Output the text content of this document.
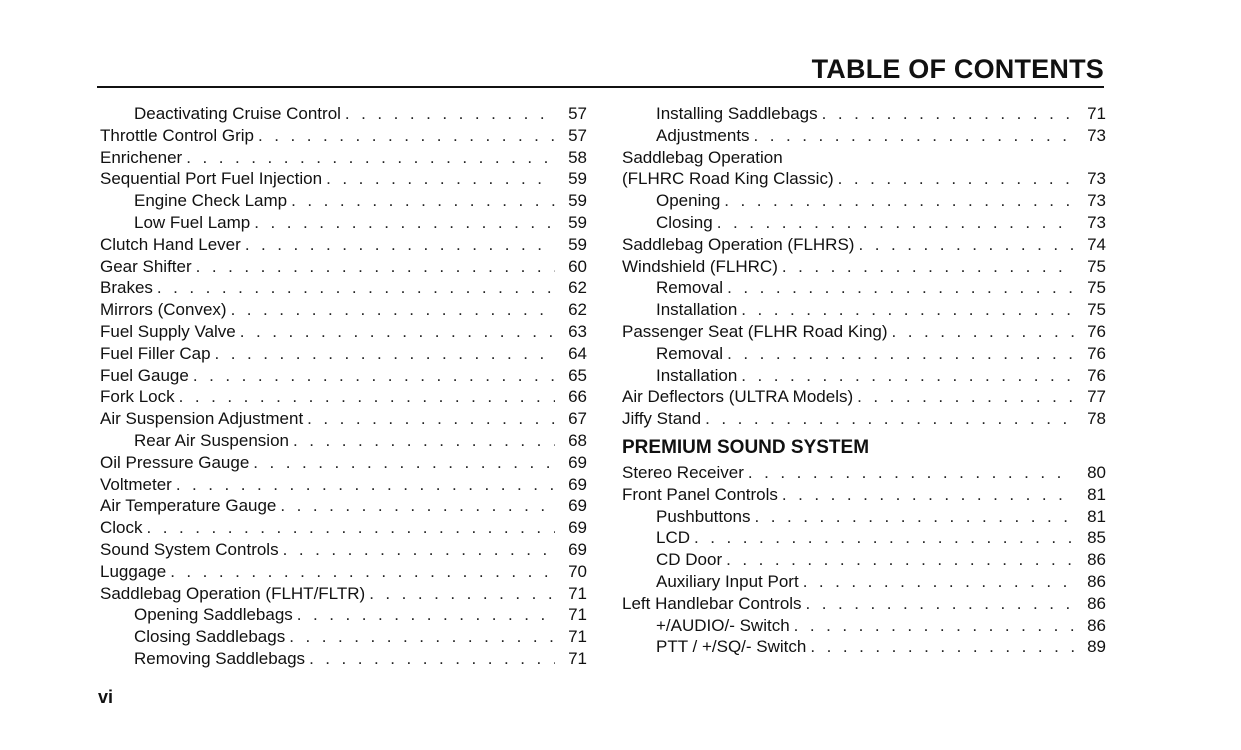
TABLE OF CONTENTS
Deactivating Cruise Control . . .	57
Throttle Control Grip . . .	57
Enrichener . . .	58
Sequential Port Fuel Injection . . .	59
Engine Check Lamp . . .	59
Low Fuel Lamp . . .	59
Clutch Hand Lever . . .	59
Gear Shifter . . .	60
Brakes . . .	62
Mirrors (Convex) . . .	62
Fuel Supply Valve . . .	63
Fuel Filler Cap . . .	64
Fuel Gauge . . .	65
Fork Lock . . .	66
Air Suspension Adjustment . . .	67
Rear Air Suspension . . .	68
Oil Pressure Gauge . . .	69
Voltmeter . . .	69
Air Temperature Gauge . . .	69
Clock . . .	69
Sound System Controls . . .	69
Luggage . . .	70
Saddlebag Operation (FLHT/FLTR) . . .	71
Opening Saddlebags . . .	71
Closing Saddlebags . . .	71
Removing Saddlebags . . .	71
Installing Saddlebags . . .	71
Adjustments . . .	73
Saddlebag Operation
(FLHRC Road King Classic) . . .	73
Opening . . .	73
Closing . . .	73
Saddlebag Operation (FLHRS) . . .	74
Windshield (FLHRC) . . .	75
Removal . . .	75
Installation . . .	75
Passenger Seat (FLHR Road King) . . .	76
Removal . . .	76
Installation . . .	76
Air Deflectors (ULTRA Models) . . .	77
Jiffy Stand . . .	78
PREMIUM SOUND SYSTEM
Stereo Receiver . . .	80
Front Panel Controls . . .	81
Pushbuttons . . .	81
LCD . . .	85
CD Door . . .	86
Auxiliary Input Port . . .	86
Left Handlebar Controls . . .	86
+/AUDIO/- Switch . . .	86
PTT / +/SQ/- Switch . . .	89
vi
